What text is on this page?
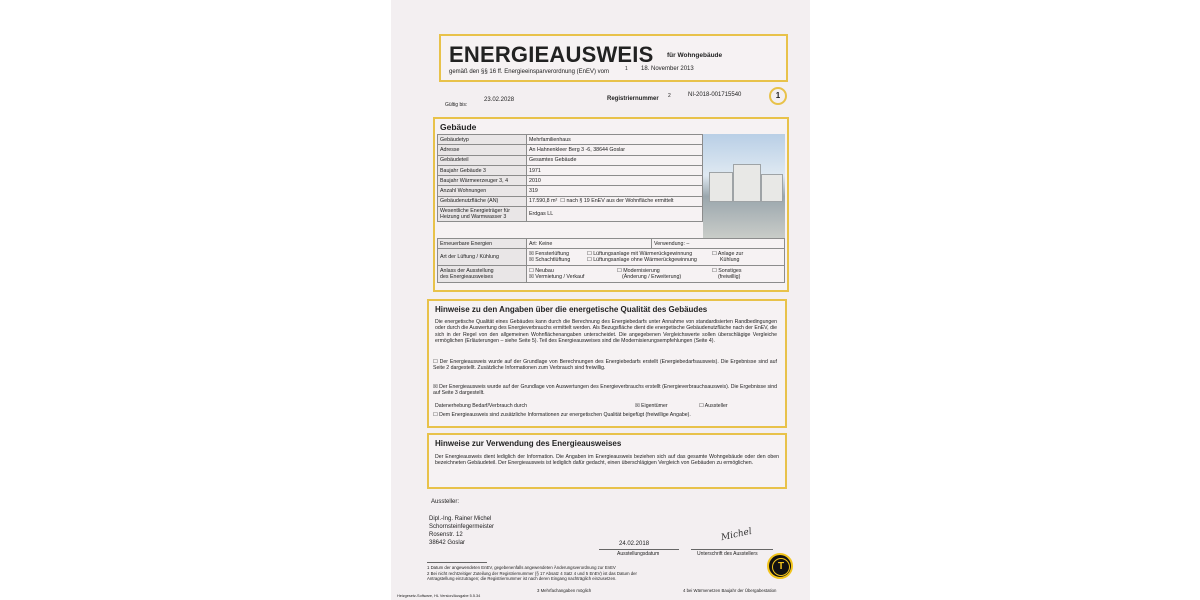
ENERGIEAUSWEIS für Wohngebäude
gemäß den §§ 16 ff. Energieeinsparverordnung (EnEV) vom	1 18. November 2013
Gültig bis:
23.02.2028	Registriernummer 2	NI-2018-001715540	1
Gebäude
Gebäudetyp	Mehrfamilienhaus
Adresse	An Hahnenkleer Berg 3 -6, 38644 Goslar
Gebäudeteil	Gesamtes Gebäude
Baujahr Gebäude 3	1971
Baujahr Wärmeerzeuger 3, 4	2010
Anzahl Wohnungen	319
Gebäudenutzfläche (AN)	17.590,8 m² ☐ nach § 19 EnEV aus der Wohnfläche ermittelt
Wesentliche Energieträger für
Heizung und Warmwasser 3	Erdgas LL
Erneuerbare Energien	Art: Keine	Verwendung: –
Art der Lüftung / Kühlung	☒ Fensterlüftung ☐ Lüftungsanlage mit Wärmerückgewinnung ☐ Anlage zur
☒ Schachtlüftung ☐ Lüftungsanlage ohne Wärmerückgewinnung Kühlung
Anlass der Ausstellung
des Energieausweises	☐ Neubau ☐ Modernisierung ☐ Sonstiges
☒ Vermietung / Verkauf (Änderung / Erweiterung) (freiwillig)
Hinweise zu den Angaben über die energetische Qualität des Gebäudes
Die energetische Qualität eines Gebäudes kann durch die Berechnung des Energiebedarfs unter Annahme von standardisierten Randbedingungen oder durch die Auswertung des Energieverbrauchs ermittelt werden. Als Bezugsfläche dient die energetische Gebäudenutzfläche nach der EnEV, die sich in der Regel von den allgemeinen Wohnflächenangaben unterscheidet. Die angegebenen Vergleichswerte sollen überschlägige Vergleiche ermöglichen (Erläuterungen – siehe Seite 5). Teil des Energieausweises sind die Modernisierungsempfehlungen (Seite 4).
☐ Der Energieausweis wurde auf der Grundlage von Berechnungen des Energiebedarfs erstellt (Energiebedarfsausweis). Die Ergebnisse sind auf Seite 2 dargestellt. Zusätzliche Informationen zum Verbrauch sind freiwillig.
☒ Der Energieausweis wurde auf der Grundlage von Auswertungen des Energieverbrauchs erstellt (Energieverbrauchsausweis). Die Ergebnisse sind auf Seite 3 dargestellt.
Datenerhebung Bedarf/Verbrauch durch	☒ Eigentümer	☐ Aussteller
☐ Dem Energieausweis sind zusätzliche Informationen zur energetischen Qualität beigefügt (freiwillige Angabe).
Hinweise zur Verwendung des Energieausweises
Der Energieausweis dient lediglich der Information. Die Angaben im Energieausweis beziehen sich auf das gesamte Wohngebäude oder den oben bezeichneten Gebäudeteil. Der Energieausweis ist lediglich dafür gedacht, einen überschlägigen Vergleich von Gebäuden zu ermöglichen.
Aussteller:
Dipl.-Ing. Rainer Michel
Schornsteinfegermeister
Rosenstr. 12
38642 Goslar	24.02.2018
Ausstellungsdatum
Michel
Unterschrift des Ausstellers
T
1 Datum der angewendeten EnEV, gegebenenfalls angewendeten Änderungsverordnung zur EnEV
2 Bei nicht rechtzeitiger Zuteilung der Registriernummer (§ 17 Absatz 4 Satz 4 und 5 EnEV) ist das Datum der Antragstellung einzutragen; die Registriernummer ist nach deren Eingang nachträglich einzusetzen.
3 Mehrfachangaben möglich	4 bei Wärmenetzen Baujahr der Übergabestation
Heizgesetz-Software, HL Version/Ausgabe 5.5.34
